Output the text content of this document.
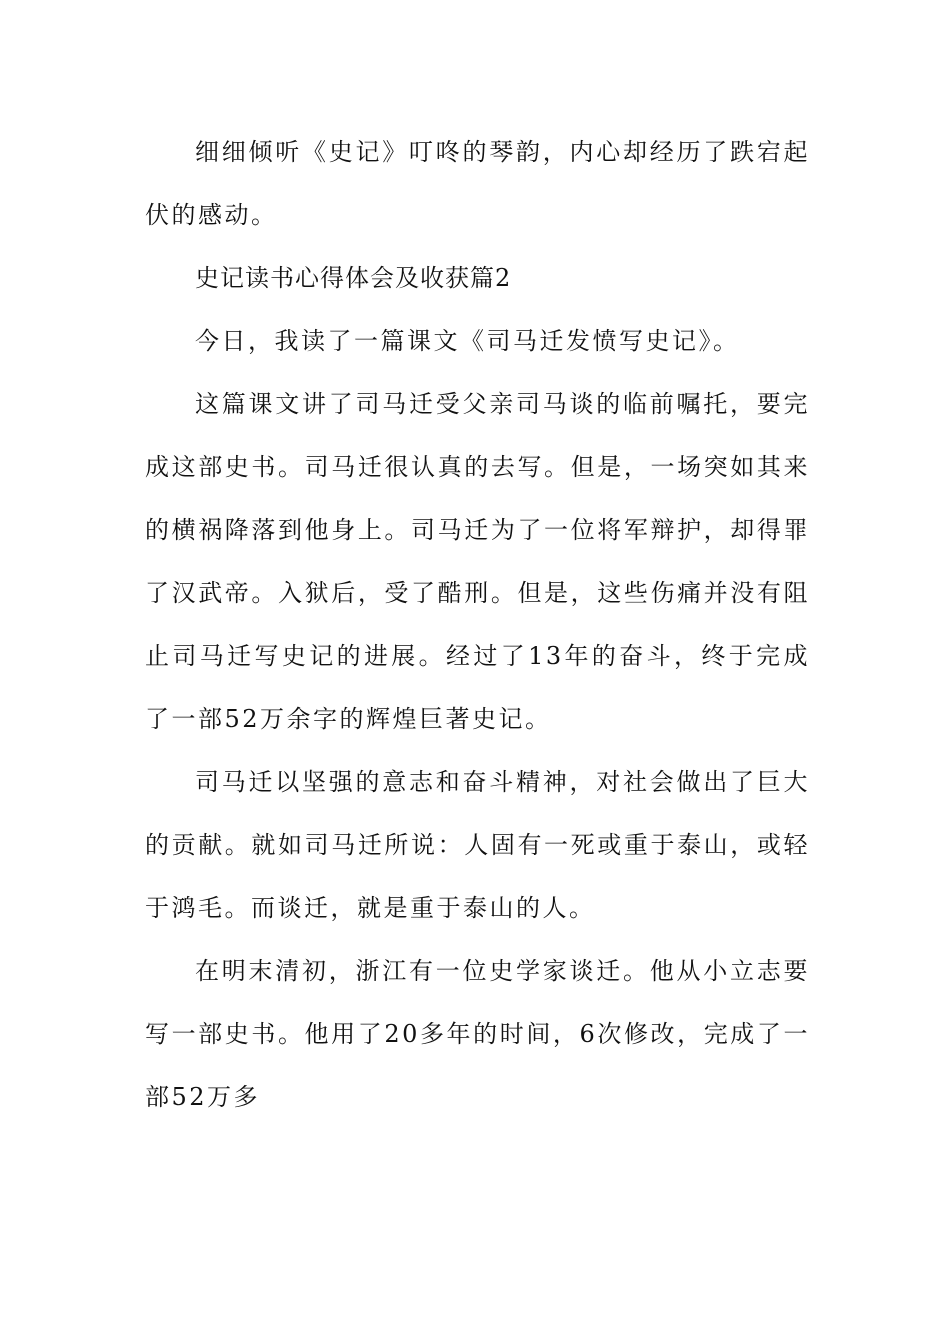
细细倾听《史记》叮咚的琴韵，内心却经历了跌宕起伏的感动。

史记读书心得体会及收获篇2

今日，我读了一篇课文《司马迁发愤写史记》。

这篇课文讲了司马迁受父亲司马谈的临前嘱托，要完成这部史书。司马迁很认真的去写。但是，一场突如其来的横祸降落到他身上。司马迁为了一位将军辩护，却得罪了汉武帝。入狱后，受了酷刑。但是，这些伤痛并没有阻止司马迁写史记的进展。经过了13年的奋斗，终于完成了一部52万余字的辉煌巨著史记。

司马迁以坚强的意志和奋斗精神，对社会做出了巨大的贡献。就如司马迁所说：人固有一死或重于泰山，或轻于鸿毛。而谈迁，就是重于泰山的人。

在明末清初，浙江有一位史学家谈迁。他从小立志要写一部史书。他用了20多年的时间，6次修改，完成了一部52万多
